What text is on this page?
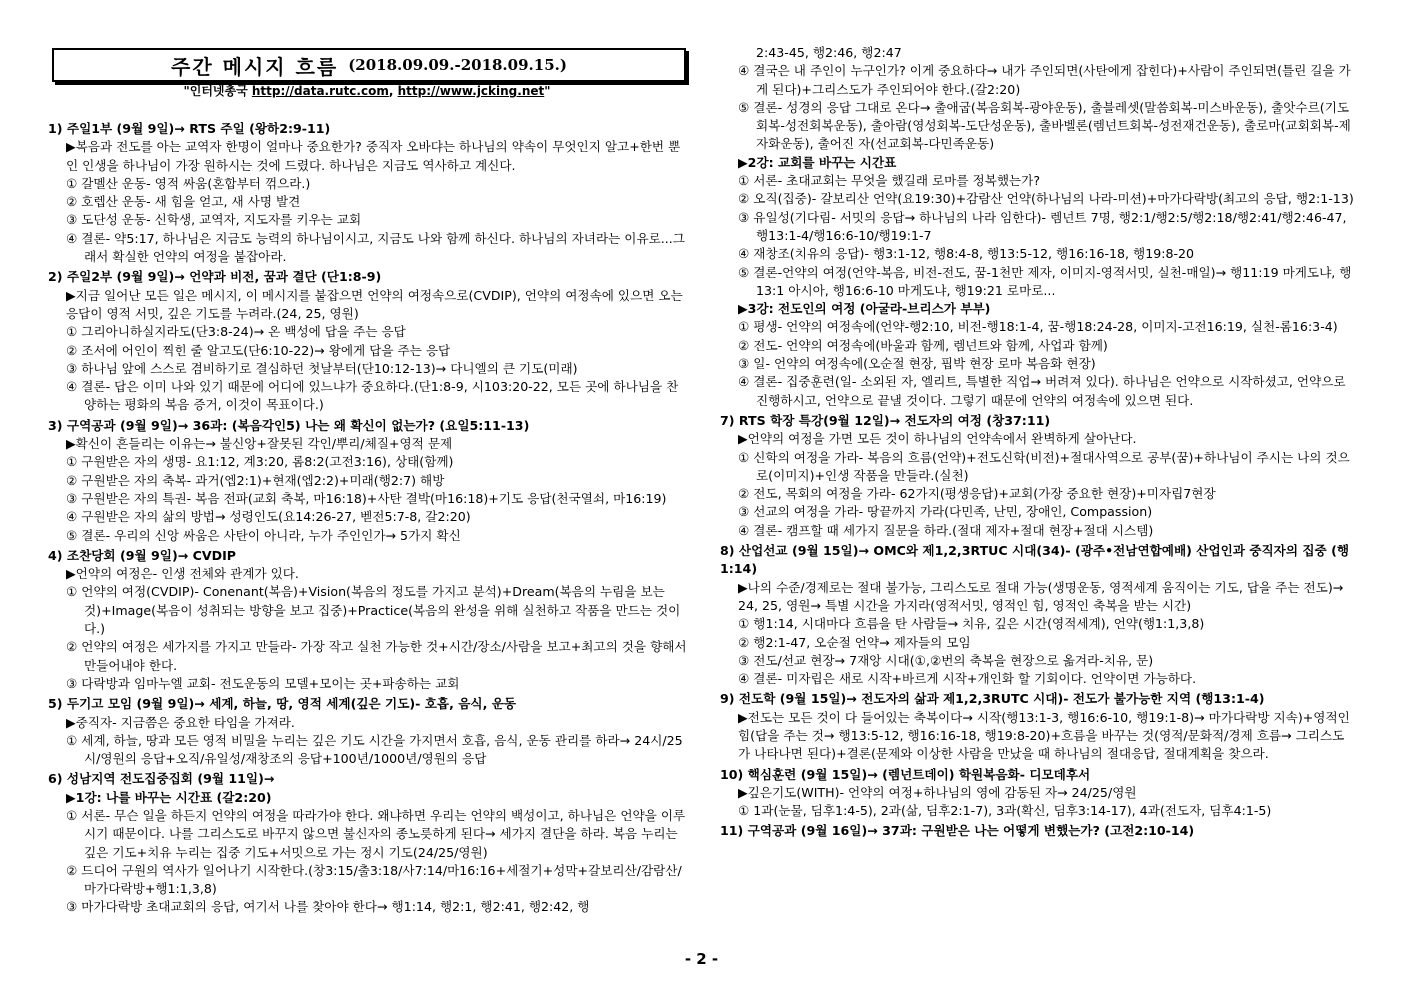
주간 메시지 흐름 (2018.09.09.-2018.09.15.)
"인터넷총국 http://data.rutc.com, http://www.jcking.net"
1) 주일1부 (9월 9일)→ RTS 주일 (왕하2:9-11)
▶복음과 전도를 아는 교역자 한명이 얼마나 중요한가? 중직자 오바댜는 하나님의 약속이 무엇인지 알고+한번 뿐인 인생을 하나님이 가장 원하시는 것에 드렸다. 하나님은 지금도 역사하고 계신다.
① 갈멜산 운동- 영적 싸움(혼합부터 꺾으라.)
② 호렙산 운동- 새 힘을 얻고, 새 사명 발견
③ 도단성 운동- 신학생, 교역자, 지도자를 키우는 교회
④ 결론- 약5:17, 하나님은 지금도 능력의 하나님이시고, 지금도 나와 함께 하신다. 하나님의 자녀라는 이유로...그래서 확실한 언약의 여정을 붙잡아라.
2) 주일2부 (9월 9일)→ 언약과 비전, 꿈과 결단 (단1:8-9)
▶지금 일어난 모든 일은 메시지, 이 메시지를 붙잡으면 언약의 여정속으로(CVDIP), 언약의 여정속에 있으면 오는 응답이 영적 서밋, 깊은 기도를 누려라.(24, 25, 영원)
① 그리아니하실지라도(단3:8-24)→ 온 백성에 답을 주는 응답
② 조서에 어인이 찍힌 줄 알고도(단6:10-22)→ 왕에게 답을 주는 응답
③ 하나님 앞에 스스로 겸비하기로 결심하던 첫날부터(단10:12-13)→ 다니엘의 큰 기도(미래)
④ 결론- 답은 이미 나와 있기 때문에 어디에 있느냐가 중요하다.(단1:8-9, 시103:20-22, 모든 곳에 하나님을 찬양하는 평화의 복음 증거, 이것이 목표이다.)
3) 구역공과 (9월 9일)→ 36과: (복음각인5) 나는 왜 확신이 없는가? (요일5:11-13)
▶확신이 흔들리는 이유는→ 불신앙+잘못된 각인/뿌리/체질+영적 문제
① 구원받은 자의 생명- 요1:12, 계3:20, 롬8:2(고전3:16), 상태(함께)
② 구원받은 자의 축복- 과거(엡2:1)+현재(엡2:2)+미래(행2:7) 해방
③ 구원받은 자의 특권- 복음 전파(교회 축복, 마16:18)+사탄 결박(마16:18)+기도 응답(천국열쇠, 마16:19)
④ 구원받은 자의 삶의 방법→ 성령인도(요14:26-27, 벧전5:7-8, 갈2:20)
⑤ 결론- 우리의 신앙 싸움은 사탄이 아니라, 누가 주인인가→ 5가지 확신
4) 조찬당회 (9월 9일)→ CVDIP
▶언약의 여정은- 인생 전체와 관계가 있다.
① 언약의 여정(CVDIP)- Conenant(복음)+Vision(복음의 정도를 가지고 분석)+Dream(복음의 누림을 보는 것)+Image(복음이 성취되는 방향을 보고 집중)+Practice(복음의 완성을 위해 실천하고 작품을 만드는 것이다.)
② 언약의 여정은 세가지를 가지고 만들라- 가장 작고 실천 가능한 것+시간/장소/사람을 보고+최고의 것을 향해서 만들어내야 한다.
③ 다락방과 임마누엘 교회- 전도운동의 모델+모이는 곳+파송하는 교회
5) 두기고 모임 (9월 9일)→ 세계, 하늘, 땅, 영적 세계(깊은 기도)- 호흡, 음식, 운동
▶중직자- 지금쯤은 중요한 타임을 가져라.
① 세계, 하늘, 땅과 모든 영적 비밀을 누리는 깊은 기도 시간을 가지면서 호흡, 음식, 운동 관리를 하라→ 24시/25시/영원의 응답+오직/유일성/재창조의 응답+100년/1000년/영원의 응답
6) 성남지역 전도집중집회 (9월 11일)→
▶1강: 나를 바꾸는 시간표 (갈2:20)
① 서론- 무슨 일을 하든지 언약의 여정을 따라가야 한다. 왜냐하면 우리는 언약의 백성이고, 하나님은 언약을 이루시기 때문이다. 나를 그리스도로 바꾸지 않으면 불신자의 종노릇하게 된다→ 세가지 결단을 하라. 복음 누리는 깊은 기도+치유 누리는 집중 기도+서밋으로 가는 정시 기도(24/25/영원)
② 드디어 구원의 역사가 일어나기 시작한다.(창3:15/출3:18/사7:14/마16:16+세절기+성막+갈보리산/감람산/마가다락방+행1:1,3,8)
③ 마가다락방 초대교회의 응답, 여기서 나를 찾아야 한다→ 행1:14, 행2:1, 행2:41, 행2:42, 행
2:43-45, 행2:46, 행2:47
④ 결국은 내 주인이 누구인가? 이게 중요하다→ 내가 주인되면(사탄에게 잡힌다)+사람이 주인되면(틀린 길을 가게 된다)+그리스도가 주인되어야 한다.(갈2:20)
⑤ 결론- 성경의 응답 그대로 온다→ 출애굽(복음회복-광야운동), 출블레셋(말씀회복-미스바운동), 출앗수르(기도회복-성전회복운동), 출아람(영성회복-도단성운동), 출바벨론(렘넌트회복-성전재건운동), 출로마(교회회복-제자화운동), 출어진 자(선교회복-다민족운동)
▶2강: 교회를 바꾸는 시간표
① 서론- 초대교회는 무엇을 했길래 로마를 정복했는가?
② 오직(집중)- 갈보리산 언약(요19:30)+감람산 언약(하나님의 나라-미션)+마가다락방(최고의 응답, 행2:1-13)
③ 유일성(기다림- 서밋의 응답→ 하나님의 나라 임한다)- 렘넌트 7명, 행2:1/행2:5/행2:18/행2:41/행2:46-47, 행13:1-4/행16:6-10/행19:1-7
④ 재창조(치유의 응답)- 행3:1-12, 행8:4-8, 행13:5-12, 행16:16-18, 행19:8-20
⑤ 결론-언약의 여정(언약-복음, 비전-전도, 꿈-1천만 제자, 이미지-영적서밋, 실천-매일)→ 행11:19 마게도냐, 행13:1 아시아, 행16:6-10 마게도냐, 행19:21 로마로...
▶3강: 전도인의 여정 (아굴라-브리스가 부부)
① 평생- 언약의 여정속에(언약-행2:10, 비전-행18:1-4, 꿈-행18:24-28, 이미지-고전16:19, 실천-롬16:3-4)
② 전도- 언약의 여정속에(바울과 함께, 렘넌트와 함께, 사업과 함께)
③ 일- 언약의 여정속에(오순절 현장, 핍박 현장 로마 복음화 현장)
④ 결론- 집중훈련(일- 소외된 자, 엘리트, 특별한 직업→ 버려져 있다). 하나님은 언약으로 시작하셨고, 언약으로 진행하시고, 언약으로 끝낼 것이다. 그렇기 때문에 언약의 여정속에 있으면 된다.
7) RTS 학장 특강(9월 12일)→ 전도자의 여정 (창37:11)
▶언약의 여정을 가면 모든 것이 하나님의 언약속에서 완벽하게 살아난다.
① 신학의 여정을 가라- 복음의 흐름(언약)+전도신학(비전)+절대사역으로 공부(꿈)+하나님이 주시는 나의 것으로(이미지)+인생 작품을 만들라.(실천)
② 전도, 목회의 여정을 가라- 62가지(평생응답)+교회(가장 중요한 현장)+미자립7현장
③ 선교의 여정을 가라- 땅끝까지 가라(다민족, 난민, 장애인, Compassion)
④ 결론- 캠프할 때 세가지 질문을 하라.(절대 제자+절대 현장+절대 시스템)
8) 산업선교 (9월 15일)→ OMC와 제1,2,3RTUC 시대(34)- (광주•전남연합예배) 산업인과 중직자의 집중 (행1:14)
▶나의 수준/경제로는 절대 불가능, 그리스도로 절대 가능(생명운동, 영적세계 움직이는 기도, 답을 주는 전도)→ 24, 25, 영원→ 특별 시간을 가지라(영적서밋, 영적인 힘, 영적인 축복을 받는 시간)
① 행1:14, 시대마다 흐름을 탄 사람들→ 치유, 깊은 시간(영적세계), 언약(행1:1,3,8)
② 행2:1-47, 오순절 언약→ 제자들의 모임
③ 전도/선교 현장→ 7재앙 시대(①,②번의 축복을 현장으로 옮겨라-치유, 문)
④ 결론- 미자립은 새로 시작+바르게 시작+개인화 할 기회이다. 언약이면 가능하다.
9) 전도학 (9월 15일)→ 전도자의 삶과 제1,2,3RUTC 시대)- 전도가 불가능한 지역 (행13:1-4)
▶전도는 모든 것이 다 들어있는 축복이다→ 시작(행13:1-3, 행16:6-10, 행19:1-8)→ 마가다락방 지속)+영적인 힘(답을 주는 것→ 행13:5-12, 행16:16-18, 행19:8-20)+흐름을 바꾸는 것(영적/문화적/경제 흐름→ 그리스도가 나타나면 된다)+결론(문제와 이상한 사람을 만났을 때 하나님의 절대응답, 절대계획을 찾으라.
10) 핵심훈련 (9월 15일)→ (렘넌트데이) 학원복음화- 디모데후서
▶깊은기도(WITH)- 언약의 여정+하나님의 영에 감동된 자→ 24/25/영원
① 1과(눈물, 딤후1:4-5), 2과(삶, 딤후2:1-7), 3과(확신, 딤후3:14-17), 4과(전도자, 딤후4:1-5)
11) 구역공과 (9월 16일)→ 37과: 구원받은 나는 어떻게 변했는가? (고전2:10-14)
- 2 -
